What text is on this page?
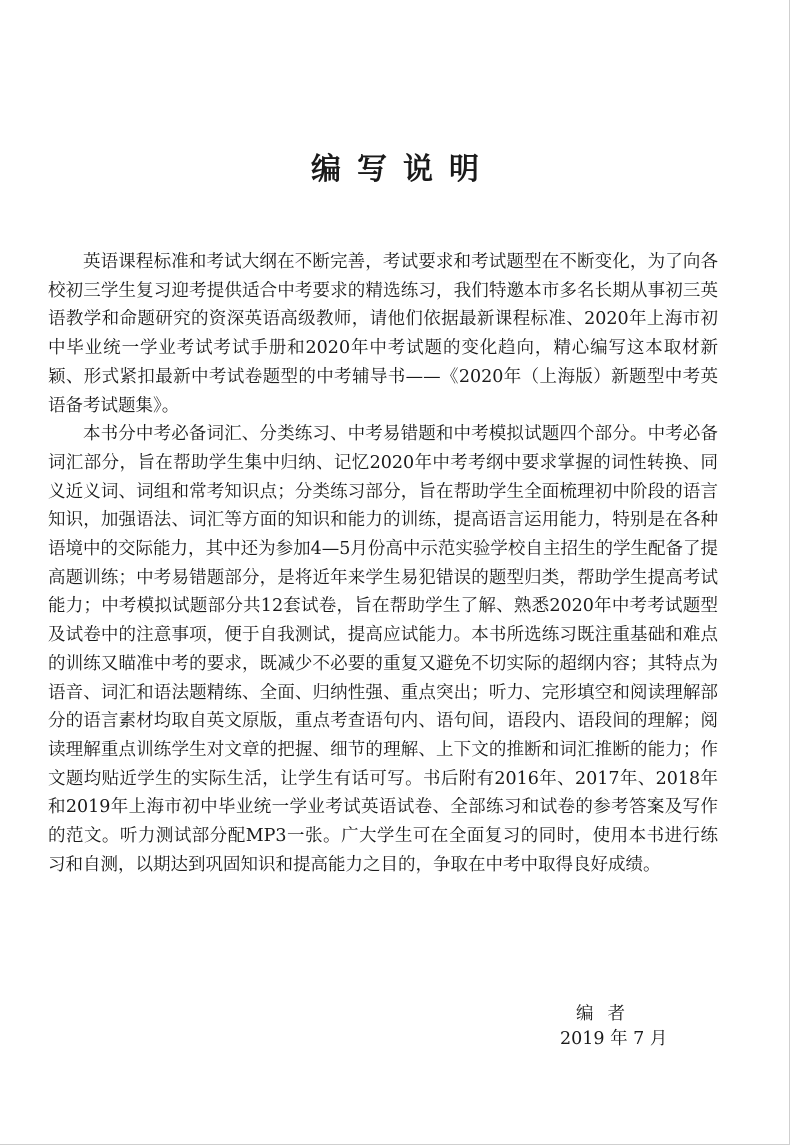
编写说明

英语课程标准和考试大纲在不断完善，考试要求和考试题型在不断变化，为了向各校初三学生复习迎考提供适合中考要求的精选练习，我们特邀本市多名长期从事初三英语教学和命题研究的资深英语高级教师，请他们依据最新课程标准、2020年上海市初中毕业统一学业考试考试手册和2020年中考试题的变化趋向，精心编写这本取材新颖、形式紧扣最新中考试卷题型的中考辅导书——《2020年（上海版）新题型中考英语备考试题集》。

本书分中考必备词汇、分类练习、中考易错题和中考模拟试题四个部分。中考必备词汇部分，旨在帮助学生集中归纳、记忆2020年中考考纲中要求掌握的词性转换、同义近义词、词组和常考知识点；分类练习部分，旨在帮助学生全面梳理初中阶段的语言知识，加强语法、词汇等方面的知识和能力的训练，提高语言运用能力，特别是在各种语境中的交际能力，其中还为参加4—5月份高中示范实验学校自主招生的学生配备了提高题训练；中考易错题部分，是将近年来学生易犯错误的题型归类，帮助学生提高考试能力；中考模拟试题部分共12套试卷，旨在帮助学生了解、熟悉2020年中考考试题型及试卷中的注意事项，便于自我测试，提高应试能力。本书所选练习既注重基础和难点的训练又瞄准中考的要求，既减少不必要的重复又避免不切实际的超纲内容；其特点为语音、词汇和语法题精练、全面、归纳性强、重点突出；听力、完形填空和阅读理解部分的语言素材均取自英文原版，重点考查语句内、语句间，语段内、语段间的理解；阅读理解重点训练学生对文章的把握、细节的理解、上下文的推断和词汇推断的能力；作文题均贴近学生的实际生活，让学生有话可写。书后附有2016年、2017年、2018年和2019年上海市初中毕业统一学业考试英语试卷、全部练习和试卷的参考答案及写作的范文。听力测试部分配MP3一张。广大学生可在全面复习的同时，使用本书进行练习和自测，以期达到巩固知识和提高能力之目的，争取在中考中取得良好成绩。

编者
2019 年 7 月
